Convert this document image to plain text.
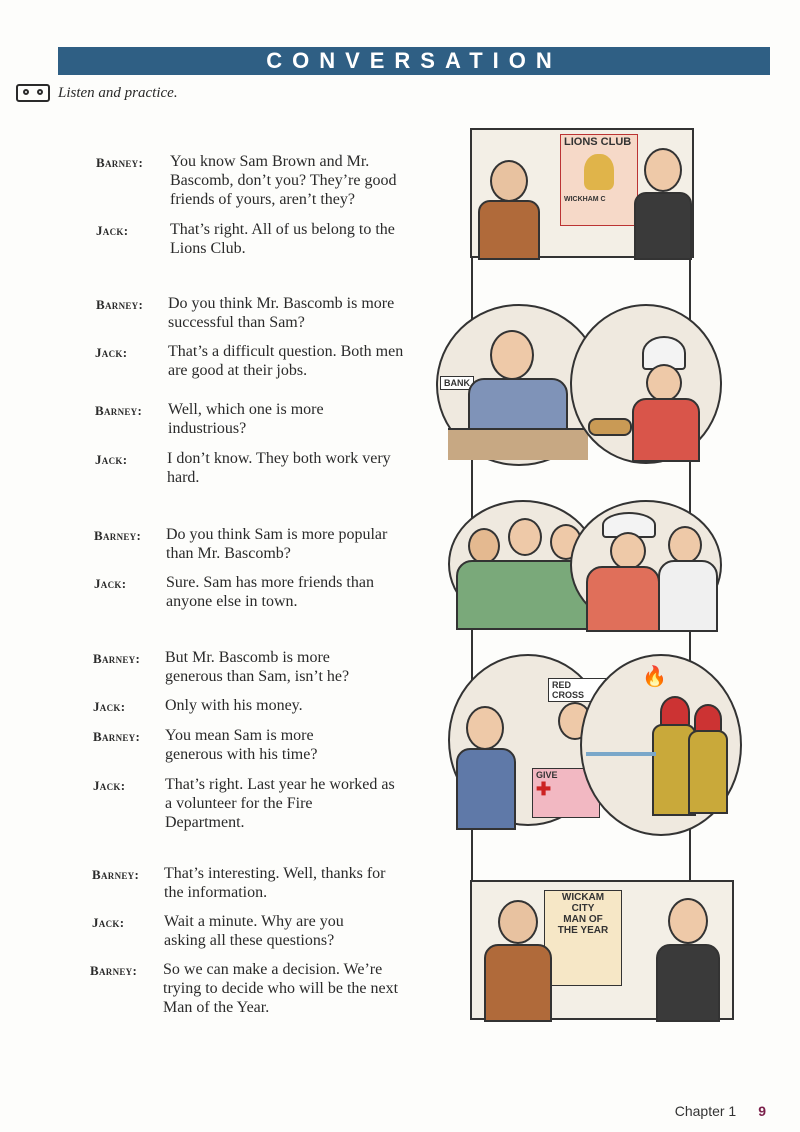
CONVERSATION
Listen and practice.
Barney: You know Sam Brown and Mr. Bascomb, don’t you? They’re good friends of yours, aren’t they?
Jack:	That’s right. All of us belong to the Lions Club.
Barney: Do you think Mr. Bascomb is more successful than Sam?
Jack:	That’s a difficult question. Both men are good at their jobs.
Barney: Well, which one is more industrious?
Jack: I don’t know. They both work very hard.
Barney: Do you think Sam is more popular than Mr. Bascomb?
Jack: Sure. Sam has more friends than anyone else in town.
Barney: But Mr. Bascomb is more generous than Sam, isn’t he?
Jack: Only with his money.
Barney: You mean Sam is more generous with his time?
Jack: That’s right. Last year he worked as a volunteer for the Fire Department.
Barney: That’s interesting. Well, thanks for the information.
Jack: Wait a minute. Why are you asking all these questions?
Barney: So we can make a decision. We’re trying to decide who will be the next Man of the Year.
LIONS CLUB
WICKHAM C
BANK
RED CROSS
GIVE
✚
🔥
WICKAM
CITY
MAN OF
THE YEAR
Chapter 1 9
